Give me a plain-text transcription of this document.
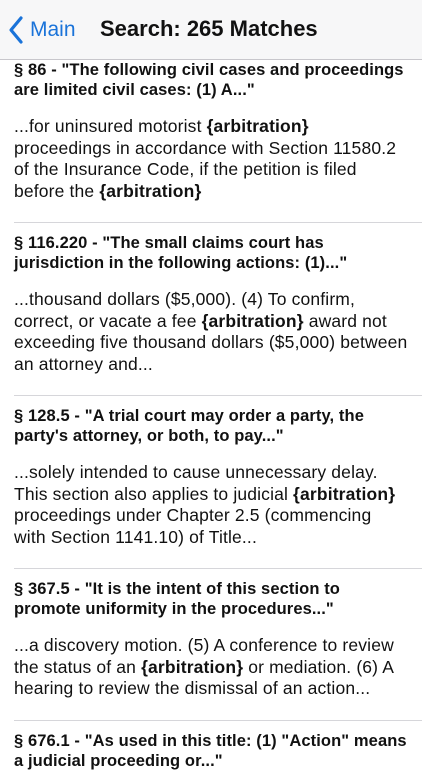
Main Search: 265 Matches
§ 86 - "The following civil cases and proceedings are limited civil cases: (1) A..."
...for uninsured motorist {arbitration} proceedings in accordance with Section 11580.2 of the Insurance Code, if the petition is filed before the {arbitration}
§ 116.220 - "The small claims court has jurisdiction in the following actions: (1)..."
...thousand dollars ($5,000). (4) To confirm, correct, or vacate a fee {arbitration} award not exceeding five thousand dollars ($5,000) between an attorney and...
§ 128.5 - "A trial court may order a party, the party's attorney, or both, to pay..."
...solely intended to cause unnecessary delay. This section also applies to judicial {arbitration} proceedings under Chapter 2.5 (commencing with Section 1141.10) of Title...
§ 367.5 - "It is the intent of this section to promote uniformity in the procedures..."
...a discovery motion. (5) A conference to review the status of an {arbitration} or mediation. (6) A hearing to review the dismissal of an action...
§ 676.1 - "As used in this title: (1) "Action" means a judicial proceeding or..."
